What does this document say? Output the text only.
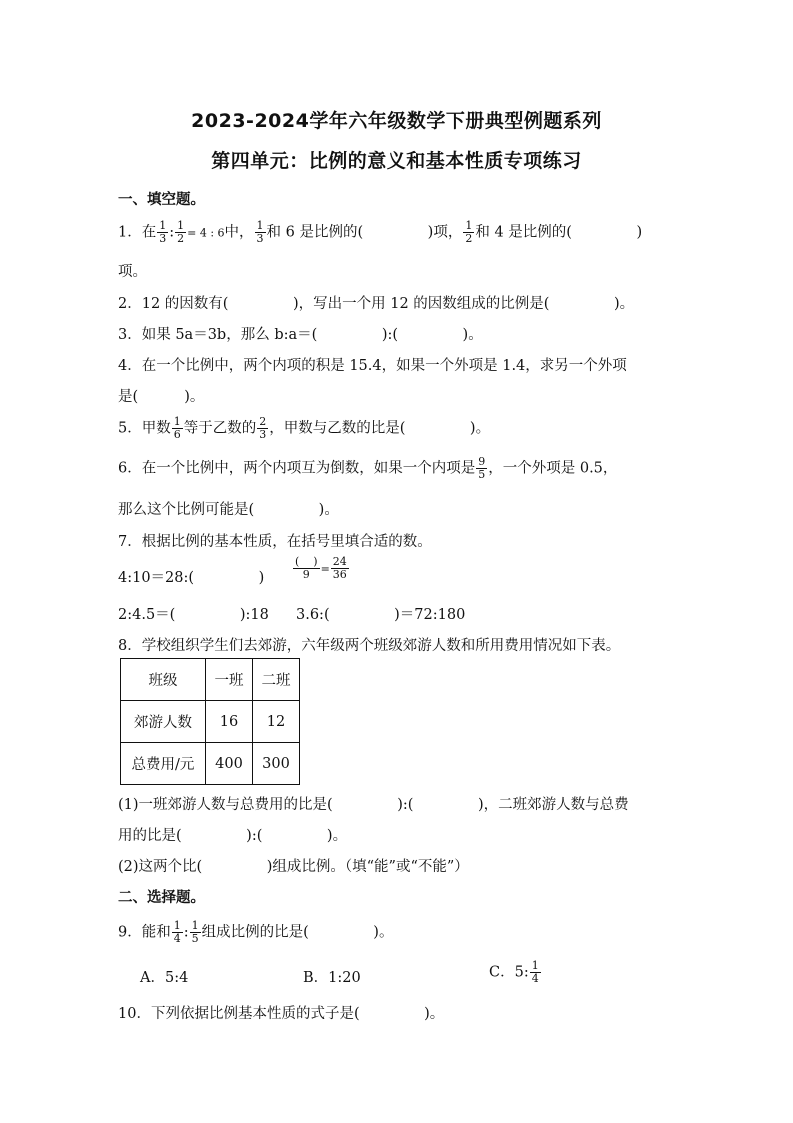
2023-2024学年六年级数学下册典型例题系列
第四单元：比例的意义和基本性质专项练习
一、填空题。
1．在 $\frac{1}{3}$ : $\frac{1}{2} = 4$ : 6中， $\frac{1}{3}$ 和 6 是比例的(              )项， $\frac{1}{2}$ 和 4 是比例的(              )
项。
2．12 的因数有(              )，写出一个用 12 的因数组成的比例是(              )。
3．如果 5a＝3b，那么 b:a＝(              ):(              )。
4．在一个比例中，两个内项的积是 15.4，如果一个外项是 1.4，求另一个外项
是(          )。
5．甲数 $\frac{1}{6}$ 等于乙数的 $\frac{2}{3}$ ，甲数与乙数的比是(              )。
6．在一个比例中，两个内项互为倒数，如果一个内项是 $\frac{9}{5}$ ，一个外项是 0.5，
那么这个比例可能是(              )。
7．根据比例的基本性质，在括号里填合适的数。
4:10＝28:(              )	$\frac{( )}{9} = \frac{24}{36}$
2:4.5＝(              ):18 3.6:(              )＝72:180
8．学校组织学生们去郊游，六年级两个班级郊游人数和所用费用情况如下表。
班级	一班	二班
郊游人数	16	12
总费用/元	400	300
(1)一班郊游人数与总费用的比是(              ):(              )，二班郊游人数与总费
用的比是(              ):(              )。
(2)这两个比(              )组成比例。（填“能”或“不能”）
二、选择题。
9．能和 $\frac{1}{4}$ : $\frac{1}{5}$ 组成比例的比是(              )。
A．5:4	B．1:20	C．5: $\frac{1}{4}$
10．下列依据比例基本性质的式子是(              )。
